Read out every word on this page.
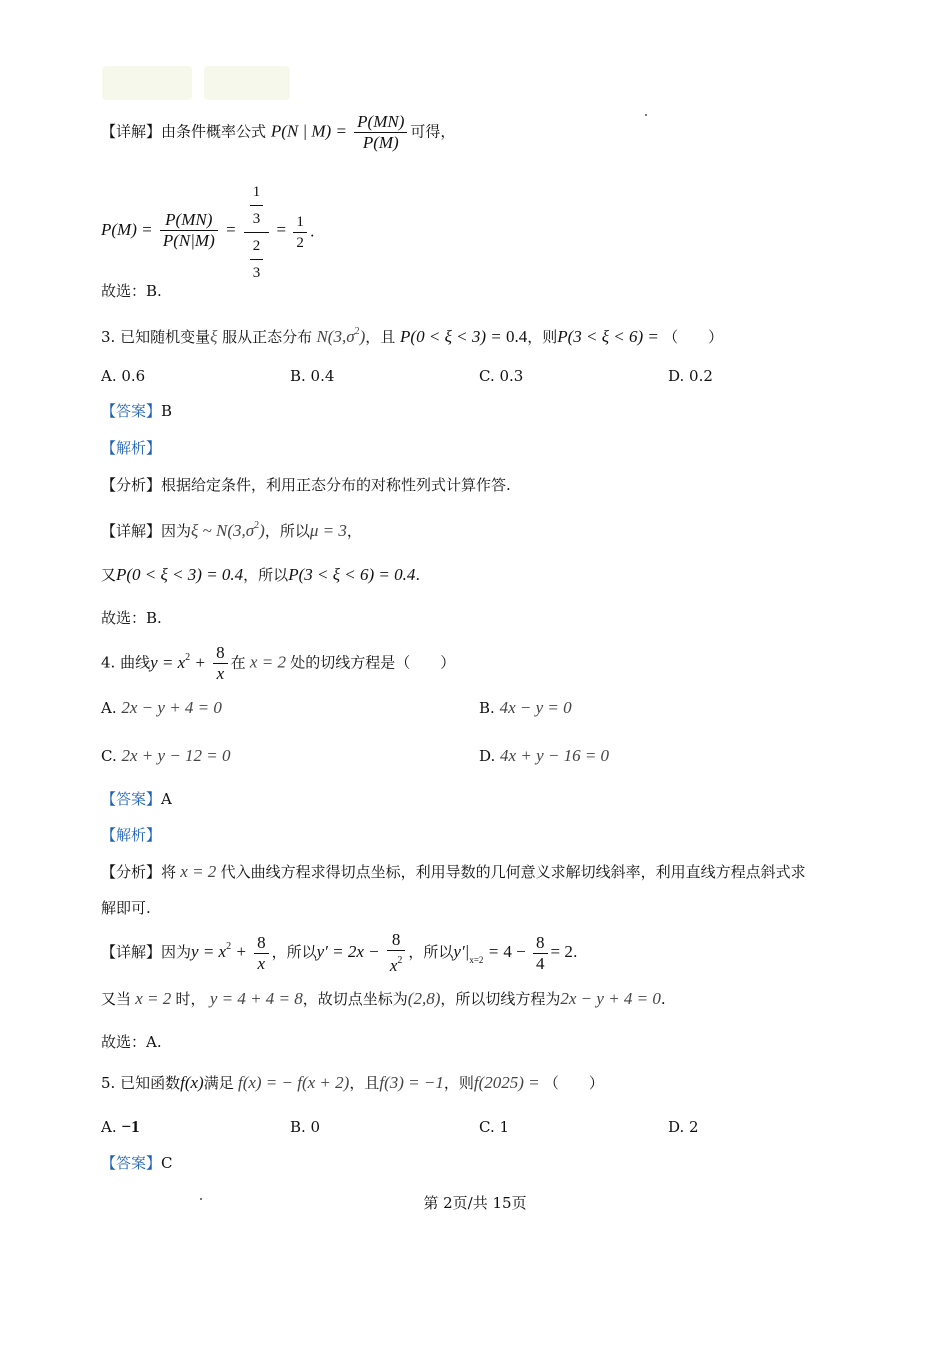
【详解】由条件概率公式 P(N | $M) = \frac{P(MN)}{P(M)}$ 可得，
$P(M) = \frac{P(MN)}{P(N|M)} = \frac{\frac{1}{3}}{\frac{2}{3}} = \frac{1}{2}$ .
故选：B.
3. 已知随机变量ξ 服从正态分布 $N(3,\sigma^2)$，且 P(0 < ξ < 3) = 0.4，则P(3 < ξ < 6) = （　　）
A. 0.6	B. 0.4	C. 0.3	D. 0.2
【答案】B
【解析】
【分析】根据给定条件，利用正态分布的对称性列式计算作答.
【详解】因为ξ ~ $N(3,\sigma^2)$，所以μ = 3，
又P(0 < ξ < 3) = 0.4，所以P(3 < ξ < 6) = 0.4.
故选：B.
4. 曲线$y = x^2 + \frac{8}{x}$ 在 x = 2 处的切线方程是（　　）
A. 2x − y + 4 = 0	B. 4x − y = 0
C. 2x + y − 12 = 0	D. 4x + y − 16 = 0
【答案】A
【解析】
【分析】将 x = 2 代入曲线方程求得切点坐标，利用导数的几何意义求解切线斜率，利用直线方程点斜式求
解即可.
【详解】因为$y = x^2 + \frac{8}{x}$ ，所以$y' = 2x - \frac{8}{x^2}$ ，所以$y'|_{x=2} = 4 - \frac{8}{4} = 2$.
又当 x = 2 时， y = 4 + 4 = 8，故切点坐标为(2,8)，所以切线方程为2x − y + 4 = 0.
故选：A.
5. 已知函数f(x)满足 f(x) = − f(x + 2)，且f(3) = −1，则f(2025) = （　　）
A. −1	B. 0	C. 1	D. 2
【答案】C
第 2页/共 15页
